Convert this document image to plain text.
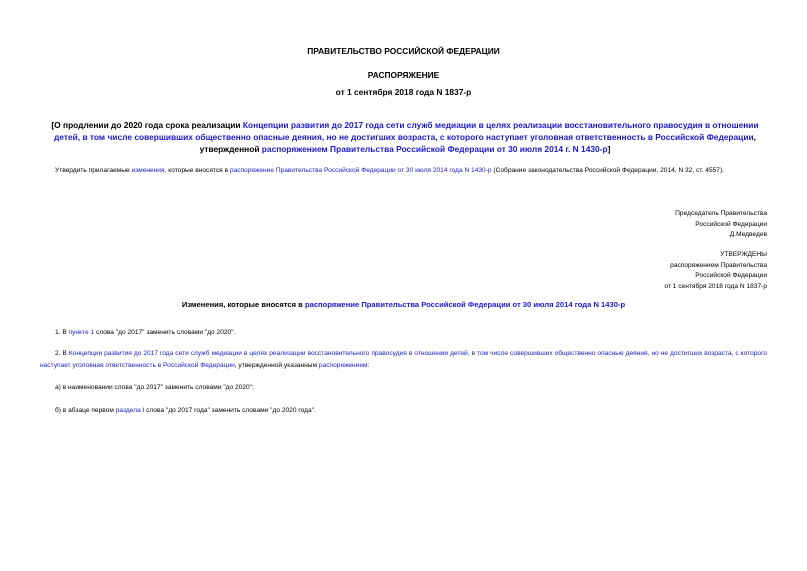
ПРАВИТЕЛЬСТВО РОССИЙСКОЙ ФЕДЕРАЦИИ
РАСПОРЯЖЕНИЕ
от 1 сентября 2018 года N 1837-р
[О продлении до 2020 года срока реализации Концепции развития до 2017 года сети служб медиации в целях реализации восстановительного правосудия в отношении детей, в том числе совершивших общественно опасные деяния, но не достигших возраста, с которого наступает уголовная ответственность в Российской Федерации, утвержденной распоряжением Правительства Российской Федерации от 30 июля 2014 г. N 1430-р]
Утвердить прилагаемые изменения, которые вносятся в распоряжение Правительства Российской Федерации от 30 июля 2014 года N 1430-р (Собрание законодательства Российской Федерации, 2014, N 32, ст. 4557).
Председатель Правительства
Российской Федерации
Д.Медведев
УТВЕРЖДЕНЫ
распоряжением Правительства
Российской Федерации
от 1 сентября 2018 года N 1837-р
Изменения, которые вносятся в распоряжение Правительства Российской Федерации от 30 июля 2014 года N 1430-р
1. В пункте 1 слова "до 2017" заменить словами "до 2020".
2. В Концепции развития до 2017 года сети служб медиации в целях реализации восстановительного правосудия в отношении детей, в том числе совершивших общественно опасные деяния, но не достигших возраста, с которого наступает уголовная ответственность в Российской Федерации, утвержденной указанным распоряжением:
а) в наименовании слова "до 2017" заменить словами "до 2020";
б) в абзаце первом раздела I слова "до 2017 года" заменить словами "до 2020 года".
